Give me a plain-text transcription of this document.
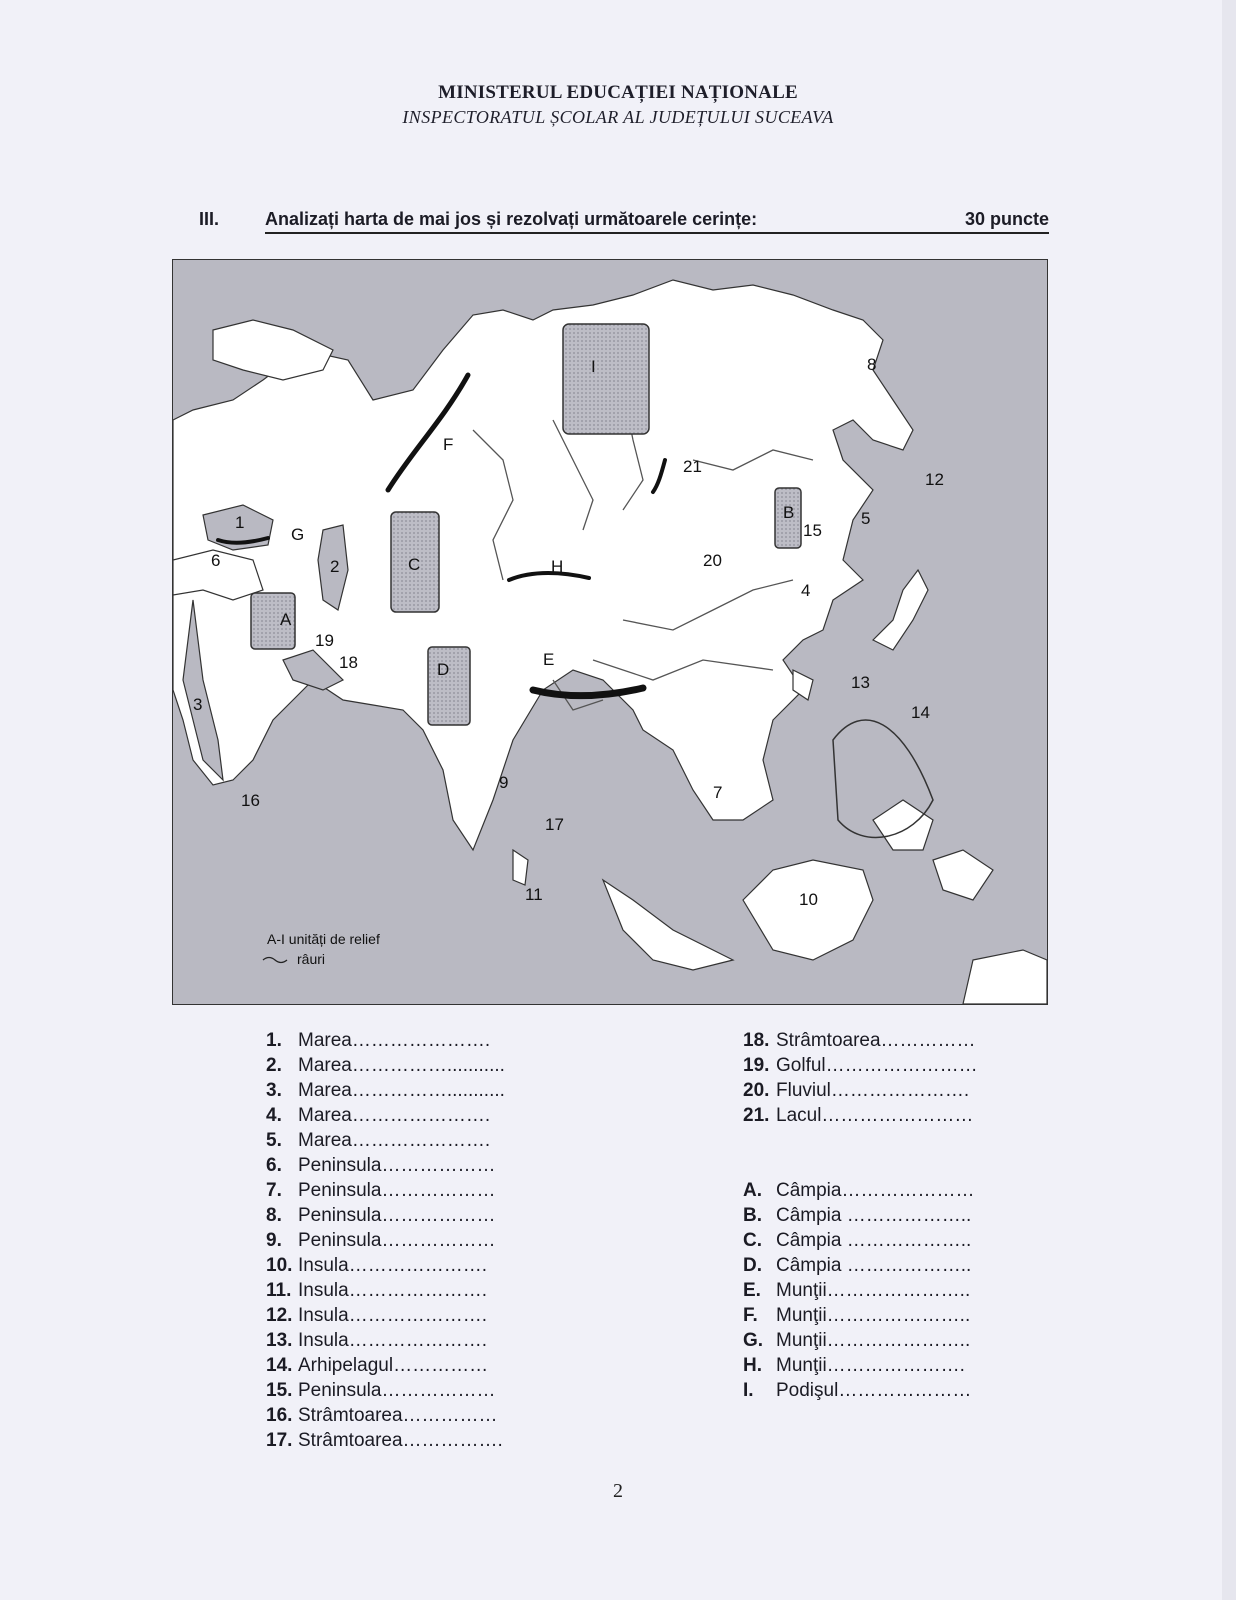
MINISTERUL EDUCAȚIEI NAȚIONALE
INSPECTORATUL ȘCOLAR AL JUDEȚULUI SUCEAVA
III.	Analizați harta de mai jos și rezolvați următoarele cerințe:	30 puncte
I
F
G
C	H
A
D
E
B
1
2
3
4
5
6
7
8
9
10
11
12
13
14
15
16
17
18
19
20
21
A-I unități de relief
râuri
1. Marea………………….
2. Marea……………...........
3. Marea……………...........
4. Marea………………….
5. Marea………………….
6. Peninsula………………
7. Peninsula………………
8. Peninsula………………
9. Peninsula………………
10. Insula………………….
11. Insula………………….
12. Insula………………….
13. Insula………………….
14. Arhipelagul……………
15. Peninsula………………
16. Strâmtoarea……………
17. Strâmtoarea…………….
18. Strâmtoarea……………
19. Golful……………………
20. Fluviul………………….
21. Lacul……………………
A. Câmpia…………………
B. Câmpia ………………..
C. Câmpia ………………..
D. Câmpia ………………..
E. Munţii…………………..
F. Munţii…………………..
G. Munţii…………………..
H. Munţii………………….
I. Podişul…………………
2
